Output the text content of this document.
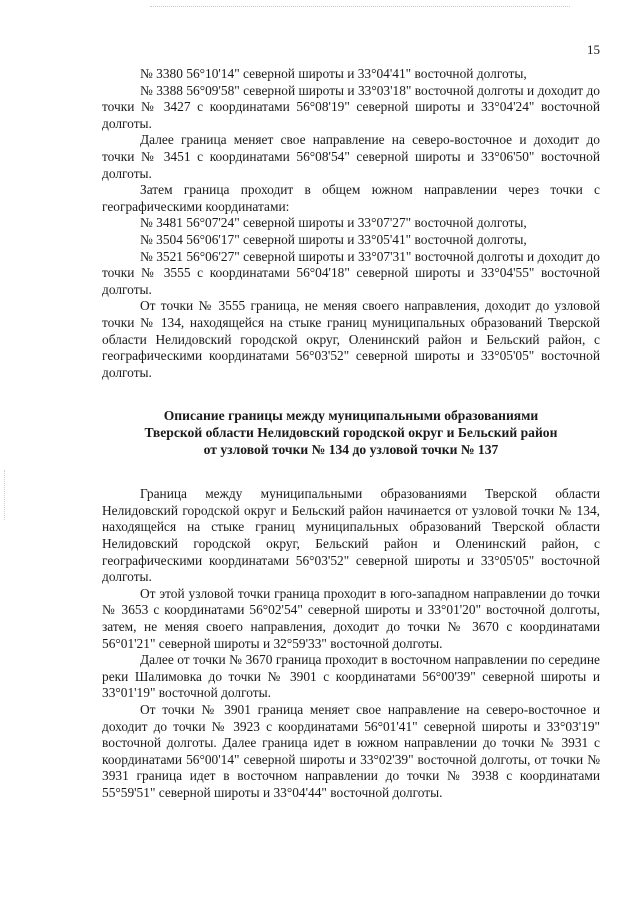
15

№ 3380 56°10'14" северной широты и 33°04'41" восточной долготы,

№ 3388 56°09'58" северной широты и 33°03'18" восточной долготы и доходит до точки № 3427 с координатами 56°08'19" северной широты и 33°04'24" восточной долготы.

Далее граница меняет свое направление на северо-восточное и доходит до точки № 3451 с координатами 56°08'54" северной широты и 33°06'50" восточной долготы.

Затем граница проходит в общем южном направлении через точки с географическими координатами:

№ 3481 56°07'24" северной широты и 33°07'27" восточной долготы,

№ 3504 56°06'17" северной широты и 33°05'41" восточной долготы,

№ 3521 56°06'27" северной широты и 33°07'31" восточной долготы и доходит до точки № 3555 с координатами 56°04'18" северной широты и 33°04'55" восточной долготы.

От точки № 3555 граница, не меняя своего направления, доходит до узловой точки № 134, находящейся на стыке границ муниципальных образований Тверской области Нелидовский городской округ, Оленинский район и Бельский район, с географическими координатами 56°03'52" северной широты и 33°05'05" восточной долготы.

Описание границы между муниципальными образованиями
Тверской области Нелидовский городской округ и Бельский район
от узловой точки № 134 до узловой точки № 137

Граница между муниципальными образованиями Тверской области Нелидовский городской округ и Бельский район начинается от узловой точки № 134, находящейся на стыке границ муниципальных образований Тверской области Нелидовский городской округ, Бельский район и Оленинский район, с географическими координатами 56°03'52" северной широты и 33°05'05" восточной долготы.

От этой узловой точки граница проходит в юго-западном направлении до точки № 3653 с координатами 56°02'54" северной широты и 33°01'20" восточной долготы, затем, не меняя своего направления, доходит до точки № 3670 с координатами 56°01'21" северной широты и 32°59'33" восточной долготы.

Далее от точки № 3670 граница проходит в восточном направлении по середине реки Шалимовка до точки № 3901 с координатами 56°00'39" северной широты и 33°01'19" восточной долготы.

От точки № 3901 граница меняет свое направление на северо-восточное и доходит до точки № 3923 с координатами 56°01'41" северной широты и 33°03'19" восточной долготы. Далее граница идет в южном направлении до точки № 3931 с координатами 56°00'14" северной широты и 33°02'39" восточной долготы, от точки № 3931 граница идет в восточном направлении до точки № 3938 с координатами 55°59'51" северной широты и 33°04'44" восточной долготы.
